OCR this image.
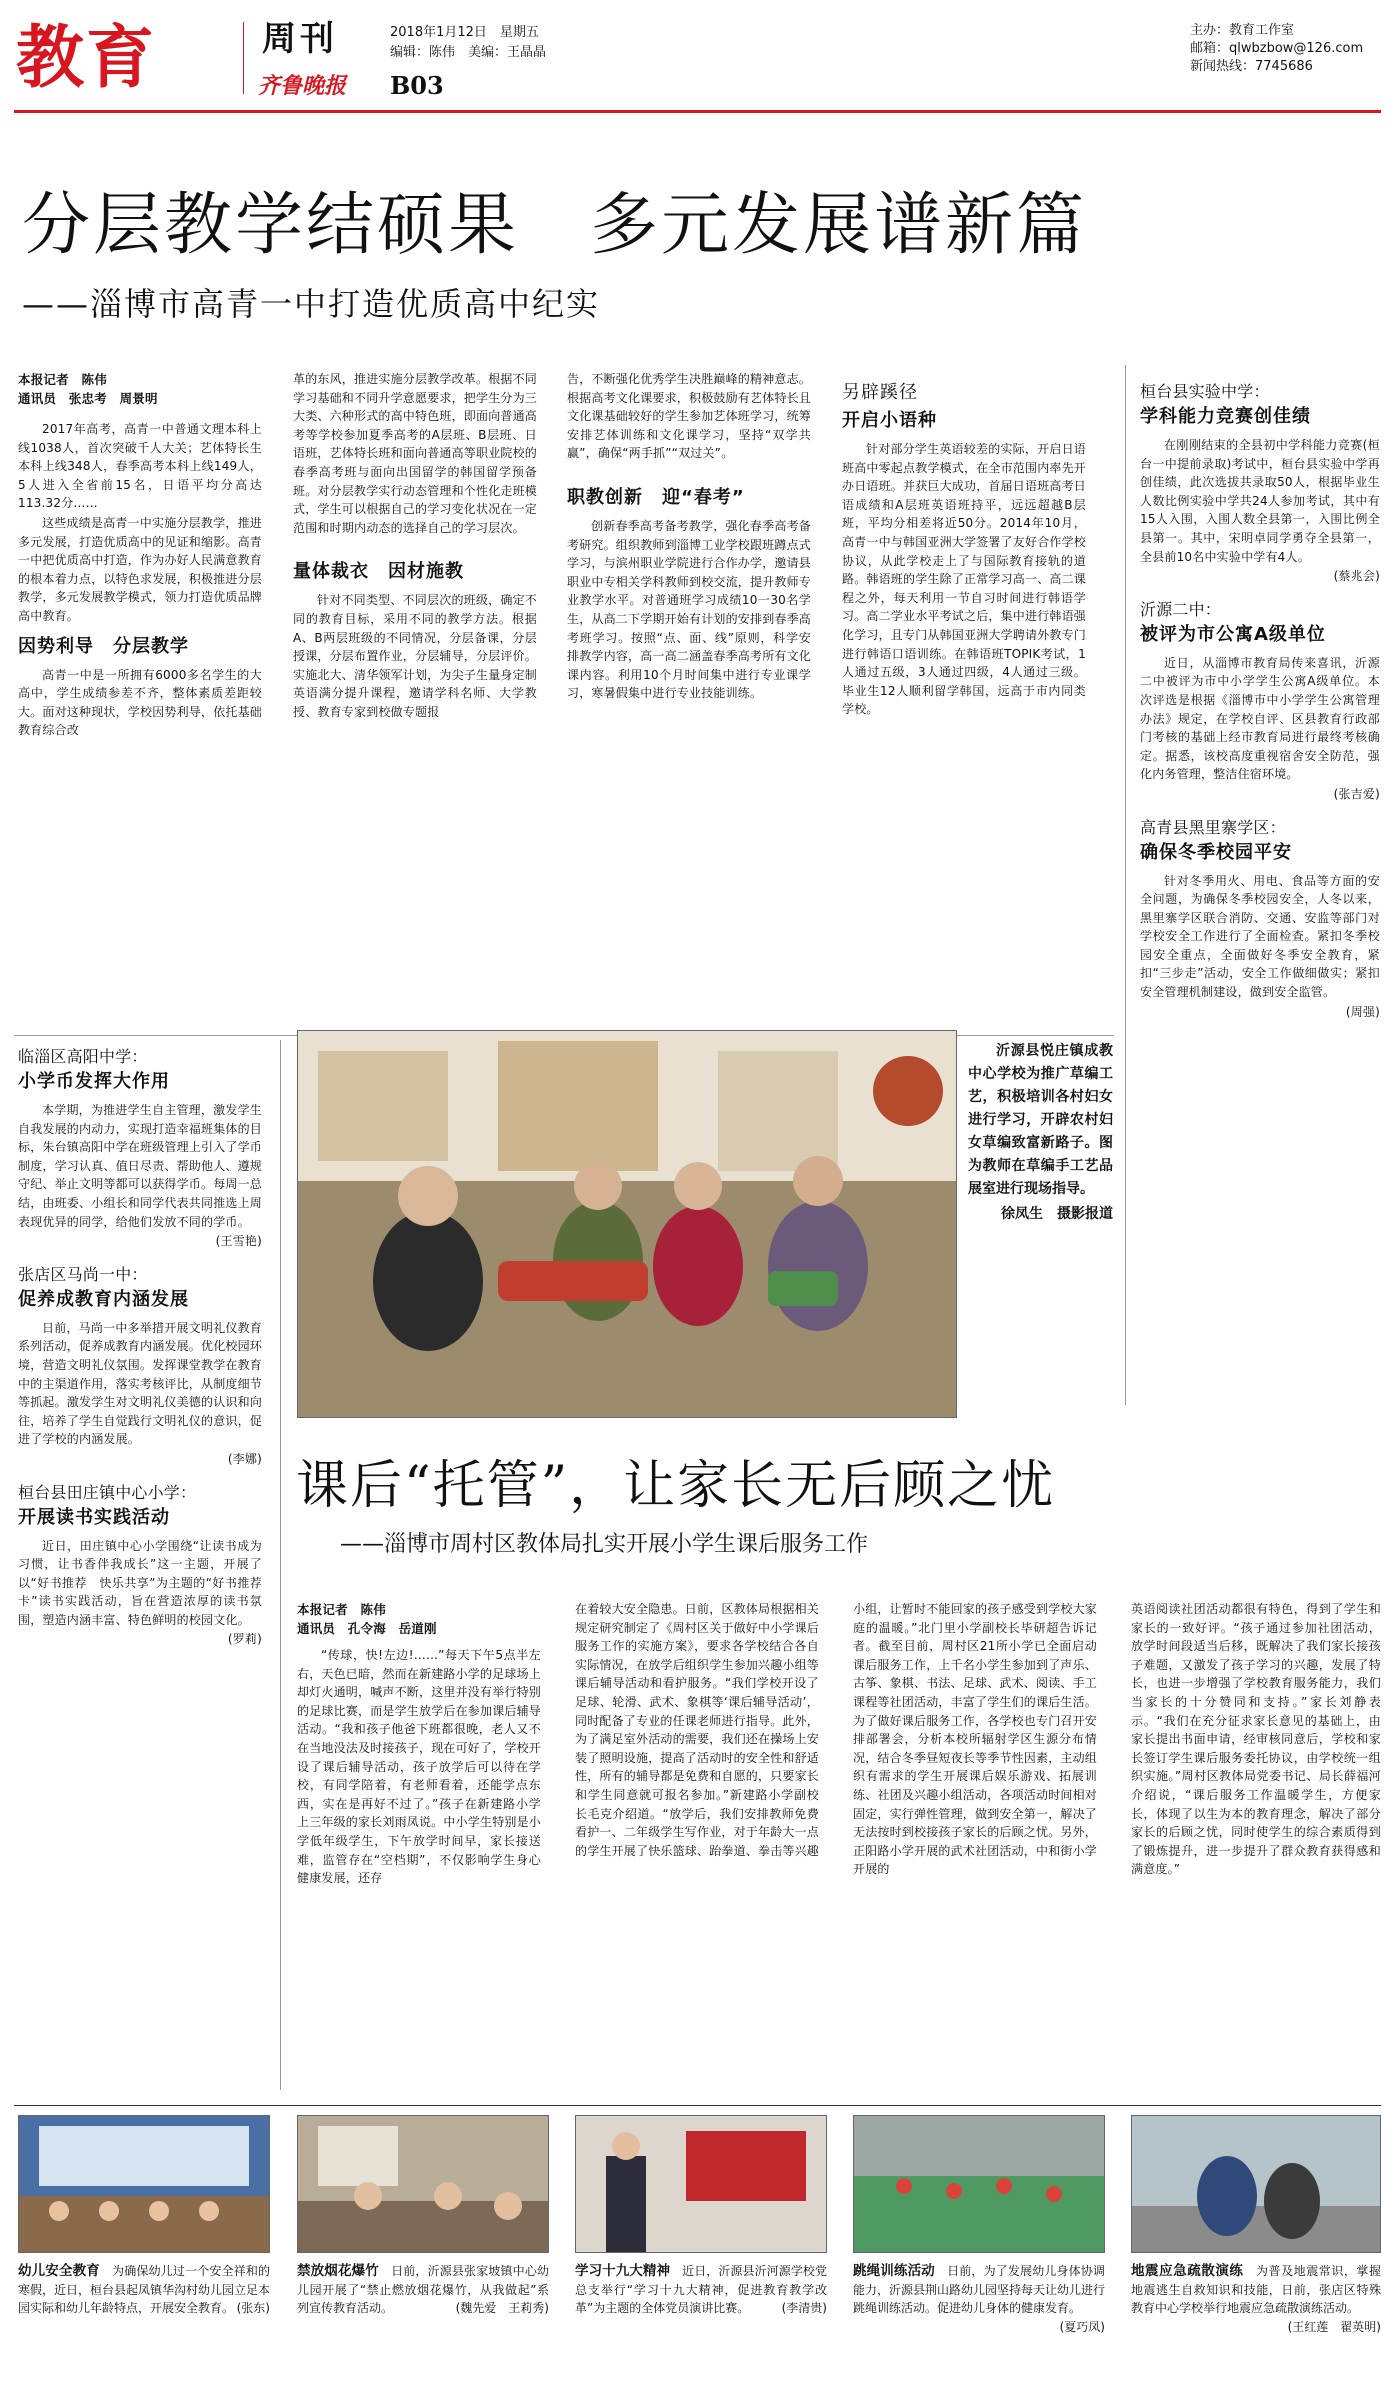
教育	周刊
齐鲁晚报 B03
2018年1月12日　星期五
编辑：陈伟　美编：王晶晶
主办：教育工作室
邮箱：qlwbzbow@126.com
新闻热线：7745686
分层教学结硕果　多元发展谱新篇
——淄博市高青一中打造优质高中纪实
本报记者　陈伟
通讯员　张忠考　周景明

2017年高考，高青一中普通文理本科上线1038人，首次突破千人大关；艺体特长生本科上线348人，春季高考本科上线149人，5人进入全省前15名，日语平均分高达113.32分……

这些成绩是高青一中实施分层教学，推进多元发展，打造优质高中的见证和缩影。高青一中把优质高中打造，作为办好人民满意教育的根本着力点，以特色求发展，积极推进分层教学，多元发展教学模式，领力打造优质品牌高中教育。

因势利导　分层教学

高青一中是一所拥有6000多名学生的大高中，学生成绩参差不齐，整体素质差距较大。面对这种现状，学校因势利导，依托基础教育综合改

革的东风，推进实施分层教学改革。根据不同学习基础和不同升学意愿要求，把学生分为三大类、六种形式的高中特色班，即面向普通高考等学校参加夏季高考的A层班、B层班、日语班，艺体特长班和面向普通高等职业院校的春季高考班与面向出国留学的韩国留学预备班。对分层教学实行动态管理和个性化走班模式，学生可以根据自己的学习变化状况在一定范围和时期内动态的选择自己的学习层次。

量体裁衣　因材施教

针对不同类型、不同层次的班级，确定不同的教育目标，采用不同的教学方法。根据A、B两层班级的不同情况，分层备课，分层授课，分层布置作业，分层辅导，分层评价。实施北大、清华领军计划，为尖子生量身定制英语满分提升课程，邀请学科名师、大学教授、教育专家到校做专题报

告，不断强化优秀学生决胜巅峰的精神意志。根据高考文化课要求，积极鼓励有艺体特长且文化课基础较好的学生参加艺体班学习，统筹安排艺体训练和文化课学习，坚持“双学共赢”，确保“两手抓”“双过关”。

职教创新　迎“春考”

创新春季高考备考教学，强化春季高考备考研究。组织教师到淄博工业学校跟班蹲点式学习，与滨州职业学院进行合作办学，邀请县职业中专相关学科教师到校交流，提升教师专业教学水平。对普通班学习成绩10一30名学生，从高二下学期开始有计划的安排到春季高考班学习。按照“点、面、线”原则，科学安排教学内容，高一高二涵盖春季高考所有文化课内容。利用10个月时间集中进行专业课学习，寒暑假集中进行专业技能训练。

另辟蹊径
开启小语种

针对部分学生英语较差的实际，开启日语班高中零起点教学模式，在全市范围内率先开办日语班。并获巨大成功，首届日语班高考日语成绩和A层班英语班持平，远远超越B层班，平均分相差将近50分。2014年10月，高青一中与韩国亚洲大学签署了友好合作学校协议，从此学校走上了与国际教育接轨的道路。韩语班的学生除了正常学习高一、高二课程之外，每天利用一节自习时间进行韩语学习。高二学业水平考试之后，集中进行韩语强化学习，且专门从韩国亚洲大学聘请外教专门进行韩语口语训练。在韩语班TOPIK考试，1人通过五级，3人通过四级，4人通过三级。毕业生12人顺利留学韩国，远高于市内同类学校。

桓台县实验中学：
学科能力竞赛创佳绩

在刚刚结束的全县初中学科能力竞赛(桓台一中提前录取)考试中，桓台县实验中学再创佳绩，此次选拔共录取50人，根据毕业生人数比例实验中学共24人参加考试，其中有15人入围，入围人数全县第一，入围比例全县第一。其中，宋明卓同学勇夺全县第一，全县前10名中实验中学有4人。

(蔡兆会)
沂源二中：
被评为市公寓A级单位

近日，从淄博市教育局传来喜讯，沂源二中被评为市中小学学生公寓A级单位。本次评选是根据《淄博市中小学学生公寓管理办法》规定，在学校自评、区县教育行政部门考核的基础上经市教育局进行最终考核确定。据悉，该校高度重视宿舍安全防范，强化内务管理，整洁住宿环境。

(张吉爱)
高青县黑里寨学区：
确保冬季校园平安

针对冬季用火、用电、食品等方面的安全问题，为确保冬季校园安全，人冬以来，黑里寨学区联合消防、交通、安监等部门对学校安全工作进行了全面检查。紧扣冬季校园安全重点，全面做好冬季安全教育，紧扣“三步走”活动，安全工作做细做实；紧扣安全管理机制建设，做到安全监管。

(周强)
临淄区高阳中学：
小学币发挥大作用

本学期，为推进学生自主管理，激发学生自我发展的内动力，实现打造幸福班集体的目标，朱台镇高阳中学在班级管理上引入了学币制度，学习认真、值日尽责、帮助他人、遵规守纪、举止文明等都可以获得学币。每周一总结，由班委、小组长和同学代表共同推选上周表现优异的同学，给他们发放不同的学币。

(王雪艳)
张店区马尚一中：
促养成教育内涵发展

日前，马尚一中多举措开展文明礼仪教育系列活动，促养成教育内涵发展。优化校园环境，营造文明礼仪氛围。发挥课堂教学在教育中的主渠道作用，落实考核评比，从制度细节等抓起。激发学生对文明礼仪美德的认识和向往，培养了学生自觉践行文明礼仪的意识，促进了学校的内涵发展。

(李娜)
桓台县田庄镇中心小学：
开展读书实践活动

近日，田庄镇中心小学围绕“让读书成为习惯，让书香伴我成长”这一主题，开展了以“好书推荐　快乐共享”为主题的“好书推荐卡”读书实践活动，旨在营造浓厚的读书氛围，塑造内涵丰富、特色鲜明的校园文化。

(罗莉)
沂源县悦庄镇成教中心学校为推广草编工艺，积极培训各村妇女进行学习，开辟农村妇女草编致富新路子。图为教师在草编手工艺品展室进行现场指导。
徐凤生　摄影报道
课后“托管”，让家长无后顾之忧
——淄博市周村区教体局扎实开展小学生课后服务工作
本报记者　陈伟
通讯员　孔令海　岳道刚

“传球，快!左边!……”每天下午5点半左右，天色已暗，然而在新建路小学的足球场上却灯火通明，喊声不断，这里并没有举行特别的足球比赛，而是学生放学后在参加课后辅导活动。“我和孩子他爸下班都很晚，老人又不在当地没法及时接孩子，现在可好了，学校开设了课后辅导活动，孩子放学后可以待在学校，有同学陪着，有老师看着，还能学点东西，实在是再好不过了。”孩子在新建路小学上三年级的家长刘雨凤说。中小学生特别是小学低年级学生，下午放学时间早，家长接送难，监管存在“空档期”，不仅影响学生身心健康发展，还存

在着较大安全隐患。日前，区教体局根据相关规定研究制定了《周村区关于做好中小学课后服务工作的实施方案》，要求各学校结合各自实际情况，在放学后组织学生参加兴趣小组等课后辅导活动和看护服务。“我们学校开设了足球、轮滑、武术、象棋等‘课后辅导活动’，同时配备了专业的任课老师进行指导。此外，为了满足室外活动的需要，我们还在操场上安装了照明设施，提高了活动时的安全性和舒适性，所有的辅导都是免费和自愿的，只要家长和学生同意就可报名参加。”新建路小学副校长毛克介绍道。“放学后，我们安排教师免费看护一、二年级学生写作业，对于年龄大一点的学生开展了快乐篮球、跆拳道、拳击等兴趣

小组，让暂时不能回家的孩子感受到学校大家庭的温暖。”北门里小学副校长毕研超告诉记者。截至目前，周村区21所小学已全面启动课后服务工作，上千名小学生参加到了声乐、古筝、象棋、书法、足球、武术、阅读、手工课程等社团活动，丰富了学生们的课后生活。为了做好课后服务工作，各学校也专门召开安排部署会，分析本校所辐射学区生源分布情况，结合冬季昼短夜长等季节性因素，主动组织有需求的学生开展课后娱乐游戏、拓展训练、社团及兴趣小组活动，各项活动时间相对固定，实行弹性管理，做到安全第一，解决了无法按时到校接孩子家长的后顾之忧。另外，正阳路小学开展的武术社团活动，中和街小学开展的

英语阅读社团活动都很有特色，得到了学生和家长的一致好评。“孩子通过参加社团活动，放学时间段适当后移，既解决了我们家长接孩子难题，又激发了孩子学习的兴趣，发展了特长，也进一步增强了学校教育服务能力，我们当家长的十分赞同和支持。”家长刘静表示。“我们在充分征求家长意见的基础上，由家长提出书面申请，经审核同意后，学校和家长签订学生课后服务委托协议，由学校统一组织实施。”周村区教体局党委书记、局长薛福河介绍说，“课后服务工作温暖学生，方便家长，体现了以生为本的教育理念，解决了部分家长的后顾之忧，同时使学生的综合素质得到了锻炼提升，进一步提升了群众教育获得感和满意度。”

幼儿安全教育　 为确保幼儿过一个安全祥和的寒假，近日，桓台县起凤镇华沟村幼儿园立足本园实际和幼儿年龄特点，开展安全教育。 (张东)
禁放烟花爆竹　 日前，沂源县张家坡镇中心幼儿园开展了“禁止燃放烟花爆竹，从我做起”系列宣传教育活动。	(魏先爱　王莉秀)
学习十九大精神　 近日，沂源县沂河源学校党总支举行“学习十九大精神，促进教育教学改革”为主题的全体党员演讲比赛。	(李清贵)
跳绳训练活动　 日前，为了发展幼儿身体协调能力，沂源县荆山路幼儿园坚持每天让幼儿进行跳绳训练活动。促进幼儿身体的健康发育。
(夏巧凤)
地震应急疏散演练　 为普及地震常识，掌握地震逃生自救知识和技能，日前，张店区特殊教育中心学校举行地震应急疏散演练活动。
(王红莲　翟英明)
